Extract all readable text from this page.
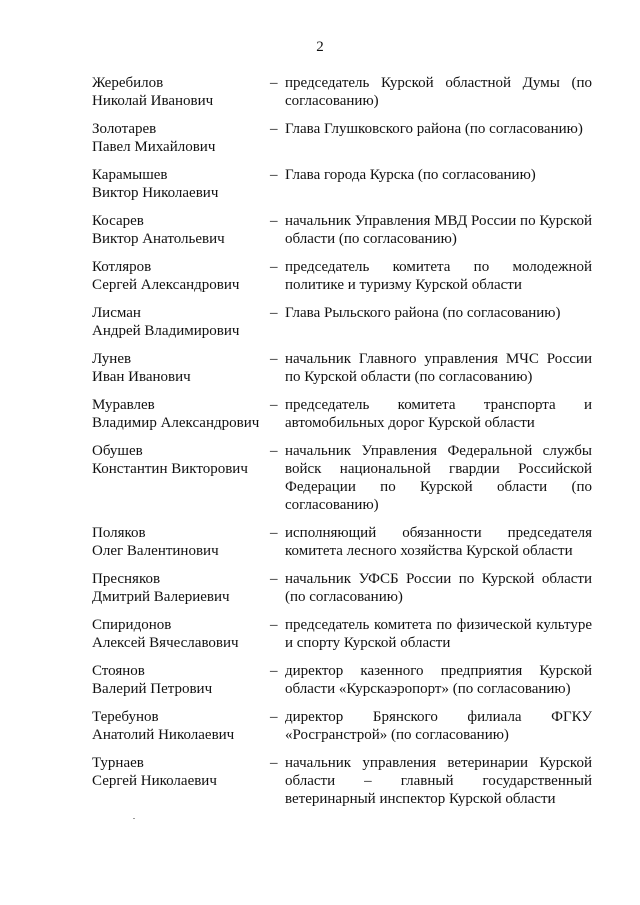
2
Жеребилов
Николай Иванович
– председатель Курской областной Думы (по согласованию)
Золотарев
Павел Михайлович
– Глава Глушковского района (по согласованию)
Карамышев
Виктор Николаевич
– Глава города Курска (по согласованию)
Косарев
Виктор Анатольевич
– начальник Управления МВД России по Курской области (по согласованию)
Котляров
Сергей Александрович
– председатель комитета по молодежной политике и туризму Курской области
Лисман
Андрей Владимирович
– Глава Рыльского района (по согласованию)
Лунев
Иван Иванович
– начальник Главного управления МЧС России по Курской области (по согласованию)
Муравлев
Владимир Александрович
– председатель комитета транспорта и автомобильных дорог Курской области
Обушев
Константин Викторович
– начальник Управления Федеральной службы войск национальной гвардии Российской Федерации по Курской области (по согласованию)
Поляков
Олег Валентинович
– исполняющий обязанности председателя комитета лесного хозяйства Курской области
Пресняков
Дмитрий Валериевич
– начальник УФСБ России по Курской области (по согласованию)
Спиридонов
Алексей Вячеславович
– председатель комитета по физической культуре и спорту Курской области
Стоянов
Валерий Петрович
– директор казенного предприятия Курской области «Курскаэропорт» (по согласованию)
Теребунов
Анатолий Николаевич
– директор Брянского филиала ФГКУ «Росгранстрой» (по согласованию)
Турнаев
Сергей Николаевич
– начальник управления ветеринарии Курской области – главный государственный ветеринарный инспектор Курской области
